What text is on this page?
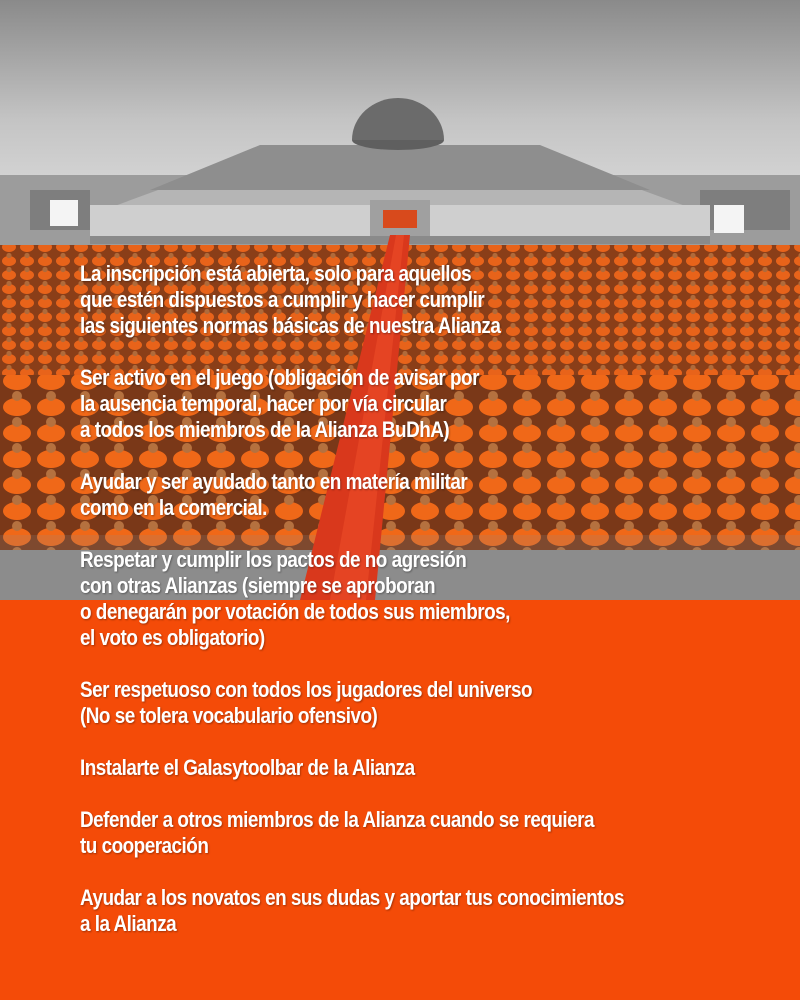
La inscripción está abierta, solo para aquellos
que estén dispuestos a cumplir y hacer cumplir
las siguientes normas básicas de nuestra Alianza
Ser activo en el juego (obligación de avisar por
la ausencia temporal, hacer por vía circular
a todos los miembros de la Alianza BuDhA)
Ayudar y ser ayudado tanto en matería militar
como en la comercial.
Respetar y cumplir los pactos de no agresión
con otras Alianzas (siempre se aproboran
o denegarán por votación de todos sus miembros,
el voto es obligatorio)
Ser respetuoso con todos los jugadores del universo
(No se tolera vocabulario ofensivo)
Instalarte el Galasytoolbar de la Alianza
Defender a otros miembros de la Alianza cuando se requiera
tu cooperación
Ayudar a los novatos en sus dudas y aportar tus conocimientos
a la Alianza
